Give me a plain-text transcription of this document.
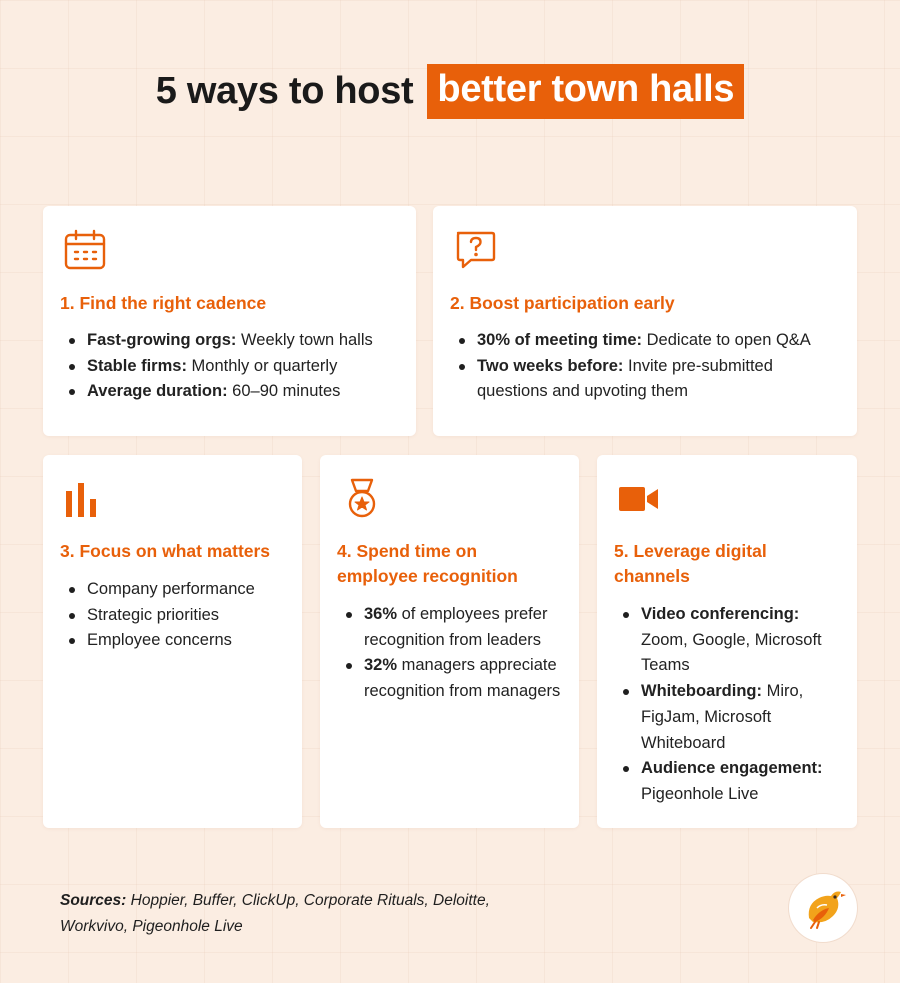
5 ways to host better town halls
1. Find the right cadence
Fast-growing orgs: Weekly town halls
Stable firms: Monthly or quarterly
Average duration: 60–90 minutes
2. Boost participation early
30% of meeting time: Dedicate to open Q&A
Two weeks before: Invite pre-submitted questions and upvoting them
3. Focus on what matters
Company performance
Strategic priorities
Employee concerns
4. Spend time on employee recognition
36% of employees prefer recognition from leaders
32% managers appreciate recognition from managers
5. Leverage digital channels
Video conferencing: Zoom, Google, Microsoft Teams
Whiteboarding: Miro, FigJam, Microsoft Whiteboard
Audience engagement: Pigeonhole Live
Sources: Hoppier, Buffer, ClickUp, Corporate Rituals, Deloitte, Workvivo, Pigeonhole Live
